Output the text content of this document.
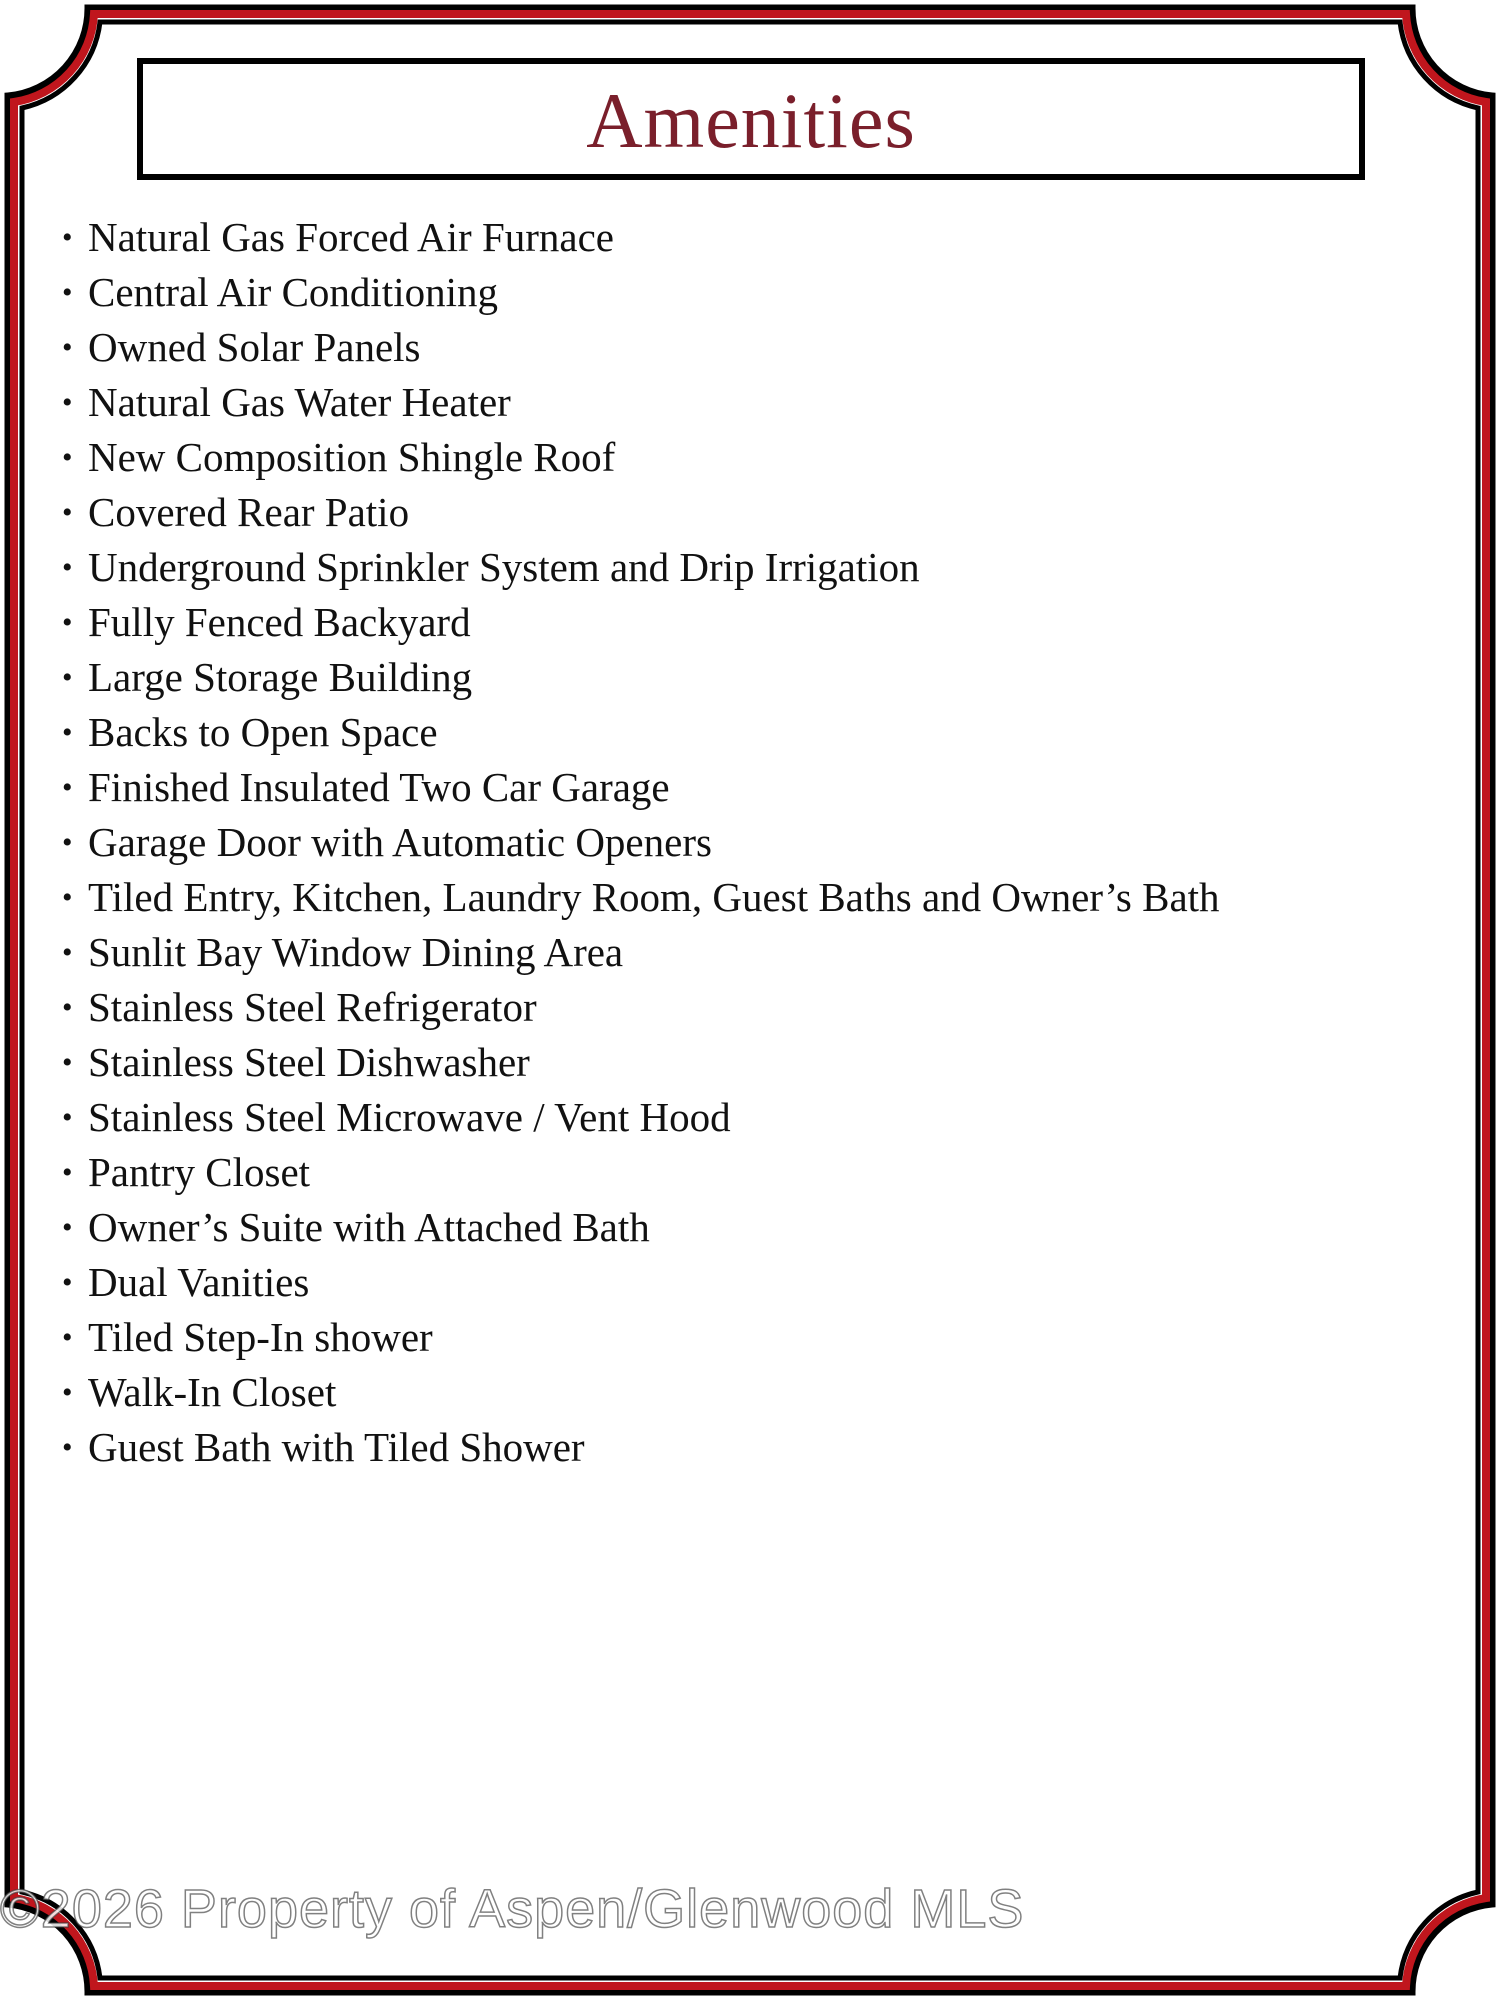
Amenities
• Natural Gas Forced Air Furnace
• Central Air Conditioning
• Owned Solar Panels
• Natural Gas Water Heater
• New Composition Shingle Roof
• Covered Rear Patio
• Underground Sprinkler System and Drip Irrigation
• Fully Fenced Backyard
• Large Storage Building
• Backs to Open Space
• Finished Insulated Two Car Garage
• Garage Door with Automatic Openers
• Tiled Entry, Kitchen, Laundry Room, Guest Baths and Owner’s Bath
• Sunlit Bay Window Dining Area
• Stainless Steel Refrigerator
• Stainless Steel Dishwasher
• Stainless Steel Microwave / Vent Hood
• Pantry Closet
• Owner’s Suite with Attached Bath
• Dual Vanities
• Tiled Step-In shower
• Walk-In Closet
• Guest Bath with Tiled Shower
©2026 Property of Aspen/Glenwood MLS
